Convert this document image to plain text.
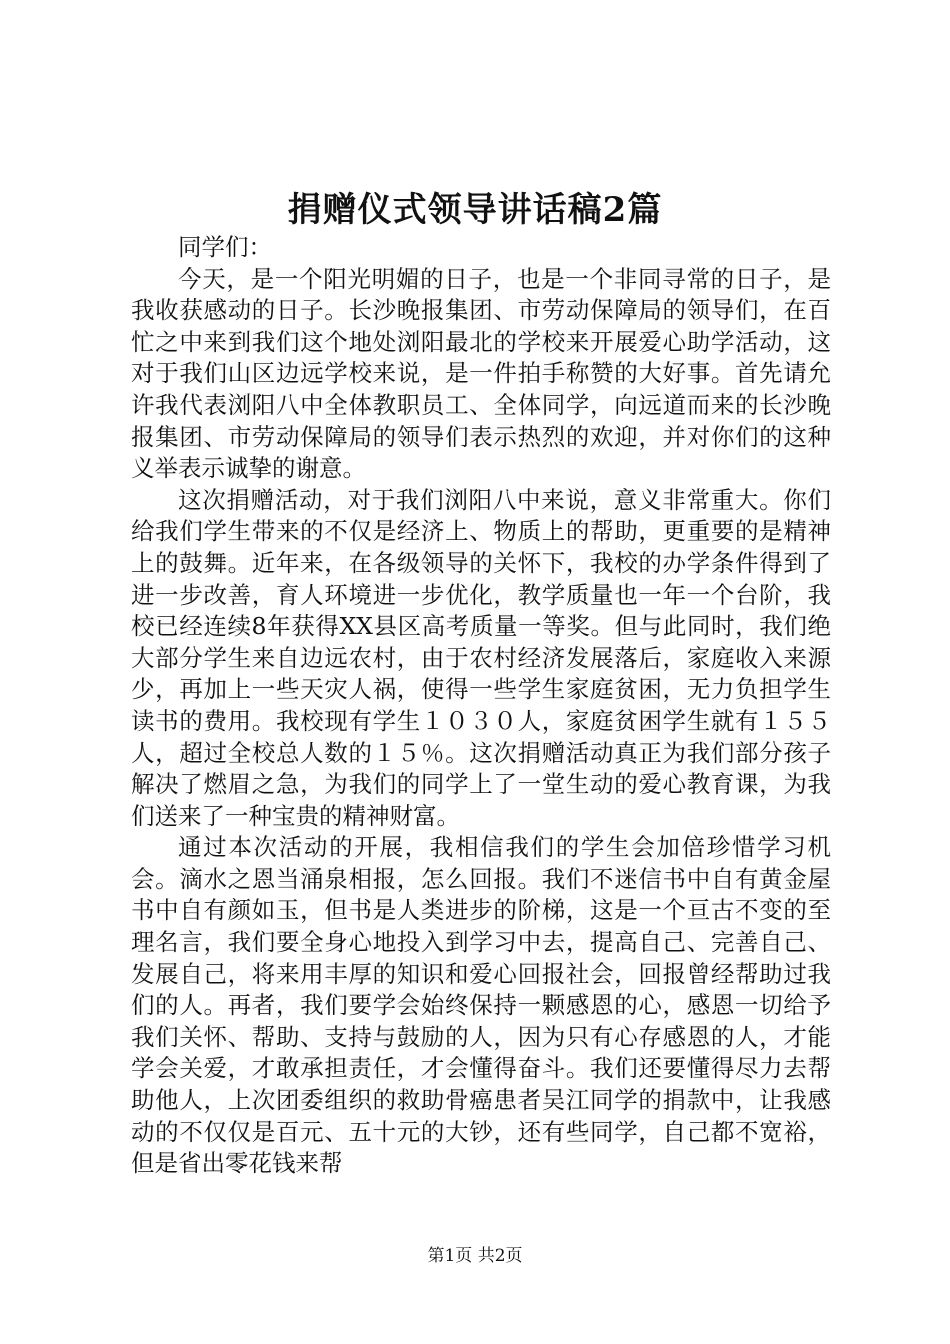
捐赠仪式领导讲话稿2篇

同学们：

今天，是一个阳光明媚的日子，也是一个非同寻常的日子，是我收获感动的日子。长沙晚报集团、市劳动保障局的领导们，在百忙之中来到我们这个地处浏阳最北的学校来开展爱心助学活动，这对于我们山区边远学校来说，是一件拍手称赞的大好事。首先请允许我代表浏阳八中全体教职员工、全体同学，向远道而来的长沙晚报集团、市劳动保障局的领导们表示热烈的欢迎，并对你们的这种义举表示诚挚的谢意。

这次捐赠活动，对于我们浏阳八中来说，意义非常重大。你们给我们学生带来的不仅是经济上、物质上的帮助，更重要的是精神上的鼓舞。近年来，在各级领导的关怀下，我校的办学条件得到了进一步改善，育人环境进一步优化，教学质量也一年一个台阶，我校已经连续8年获得XX县区高考质量一等奖。但与此同时，我们绝大部分学生来自边远农村，由于农村经济发展落后，家庭收入来源少，再加上一些天灾人祸，使得一些学生家庭贫困，无力负担学生读书的费用。我校现有学生１０３０人，家庭贫困学生就有１５５人，超过全校总人数的１５％。这次捐赠活动真正为我们部分孩子解决了燃眉之急，为我们的同学上了一堂生动的爱心教育课，为我们送来了一种宝贵的精神财富。

通过本次活动的开展，我相信我们的学生会加倍珍惜学习机会。滴水之恩当涌泉相报，怎么回报。我们不迷信书中自有黄金屋书中自有颜如玉，但书是人类进步的阶梯，这是一个亘古不变的至理名言，我们要全身心地投入到学习中去，提高自己、完善自己、发展自己，将来用丰厚的知识和爱心回报社会，回报曾经帮助过我们的人。再者，我们要学会始终保持一颗感恩的心，感恩一切给予我们关怀、帮助、支持与鼓励的人，因为只有心存感恩的人，才能学会关爱，才敢承担责任，才会懂得奋斗。我们还要懂得尽力去帮助他人，上次团委组织的救助骨癌患者吴江同学的捐款中，让我感动的不仅仅是百元、五十元的大钞，还有些同学，自己都不宽裕，但是省出零花钱来帮

第1页 共2页
